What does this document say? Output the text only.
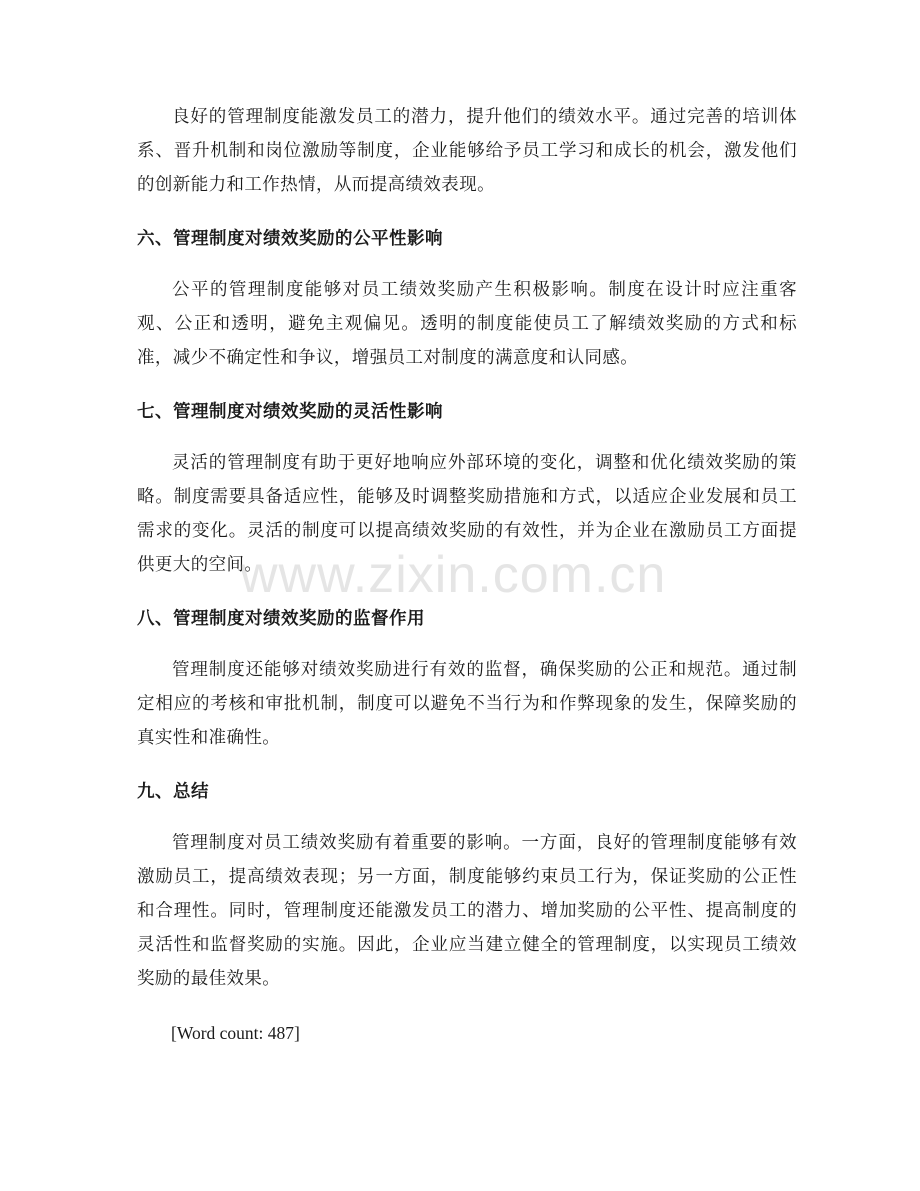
良好的管理制度能激发员工的潜力，提升他们的绩效水平。通过完善的培训体系、晋升机制和岗位激励等制度，企业能够给予员工学习和成长的机会，激发他们的创新能力和工作热情，从而提高绩效表现。

六、管理制度对绩效奖励的公平性影响

公平的管理制度能够对员工绩效奖励产生积极影响。制度在设计时应注重客观、公正和透明，避免主观偏见。透明的制度能使员工了解绩效奖励的方式和标准，减少不确定性和争议，增强员工对制度的满意度和认同感。

七、管理制度对绩效奖励的灵活性影响

灵活的管理制度有助于更好地响应外部环境的变化，调整和优化绩效奖励的策略。制度需要具备适应性，能够及时调整奖励措施和方式，以适应企业发展和员工需求的变化。灵活的制度可以提高绩效奖励的有效性，并为企业在激励员工方面提供更大的空间。

八、管理制度对绩效奖励的监督作用

管理制度还能够对绩效奖励进行有效的监督，确保奖励的公正和规范。通过制定相应的考核和审批机制，制度可以避免不当行为和作弊现象的发生，保障奖励的真实性和准确性。

九、总结

管理制度对员工绩效奖励有着重要的影响。一方面，良好的管理制度能够有效激励员工，提高绩效表现；另一方面，制度能够约束员工行为，保证奖励的公正性和合理性。同时，管理制度还能激发员工的潜力、增加奖励的公平性、提高制度的灵活性和监督奖励的实施。因此，企业应当建立健全的管理制度，以实现员工绩效奖励的最佳效果。

[Word count: 487]

www.zixin.com.cn
